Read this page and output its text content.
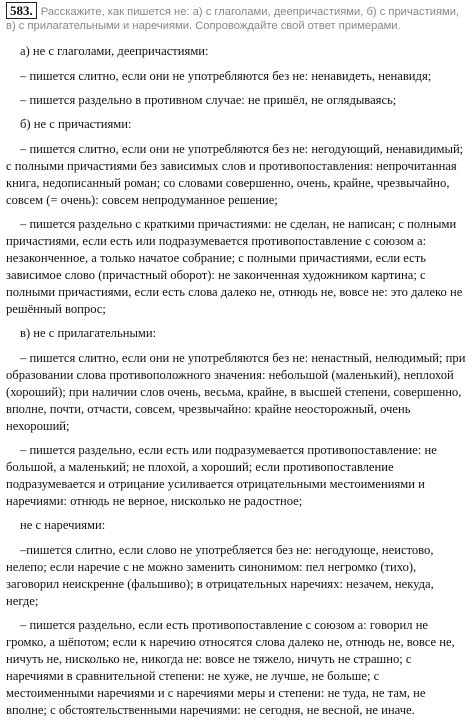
583. Расскажите, как пишется не: а) с глаголами, деепричастиями, б) с причастиями, в) с прилагательными и наречиями. Сопровождайте свой ответ примерами.
а) не с глаголами, деепричастиями:
– пишется слитно, если они не употребляются без не: ненавидеть, ненавидя;
– пишется раздельно в противном случае: не пришёл, не оглядываясь;
б) не с причастиями:
– пишется слитно, если они не употребляются без не: негодующий, ненавидимый; с полными причастиями без зависимых слов и противопоставления: непрочитанная книга, недописанный роман; со словами совершенно, очень, крайне, чрезвычайно, совсем (= очень): совсем непродуманное решение;
– пишется раздельно с краткими причастиями: не сделан, не написан; с полными причастиями, если есть или подразумевается противопоставление с союзом а: незаконченное, а только начатое собрание; с полными причастиями, если есть зависимое слово (причастный оборот): не законченная художником картина; с полными причастиями, если есть слова далеко не, отнюдь не, вовсе не: это далеко не решённый вопрос;
в) не с прилагательными:
– пишется слитно, если они не употребляются без не: ненастный, нелюдимый; при образовании слова противоположного значения: небольшой (маленький), неплохой (хороший); при наличии слов очень, весьма, крайне, в высшей степени, совершенно, вполне, почти, отчасти, совсем, чрезвычайно: крайне неосторожный, очень нехороший;
– пишется раздельно, если есть или подразумевается противопоставление: не большой, а маленький; не плохой, а хороший; если противопоставление подразумевается и отрицание усиливается отрицательными местоимениями и наречиями: отнюдь не верное, нисколько не радостное;
не с наречиями:
–пишется слитно, если слово не употребляется без не: негодующе, неистово, нелепо; если наречие с не можно заменить синонимом: пел негромко (тихо), заговорил неискренне (фальшиво); в отрицательных наречиях: незачем, некуда, негде;
– пишется раздельно, если есть противопоставление с союзом а: говорил не громко, а шёпотом; если к наречию относятся слова далеко не, отнюдь не, вовсе не, ничуть не, нисколько не, никогда не: вовсе не тяжело, ничуть не страшно; с наречиями в сравнительной степени: не хуже, не лучше, не больше; с местоименными наречиями и с наречиями меры и степени: не туда, не там, не вполне; с обстоятельственными наречиями: не сегодня, не весной, не иначе.
